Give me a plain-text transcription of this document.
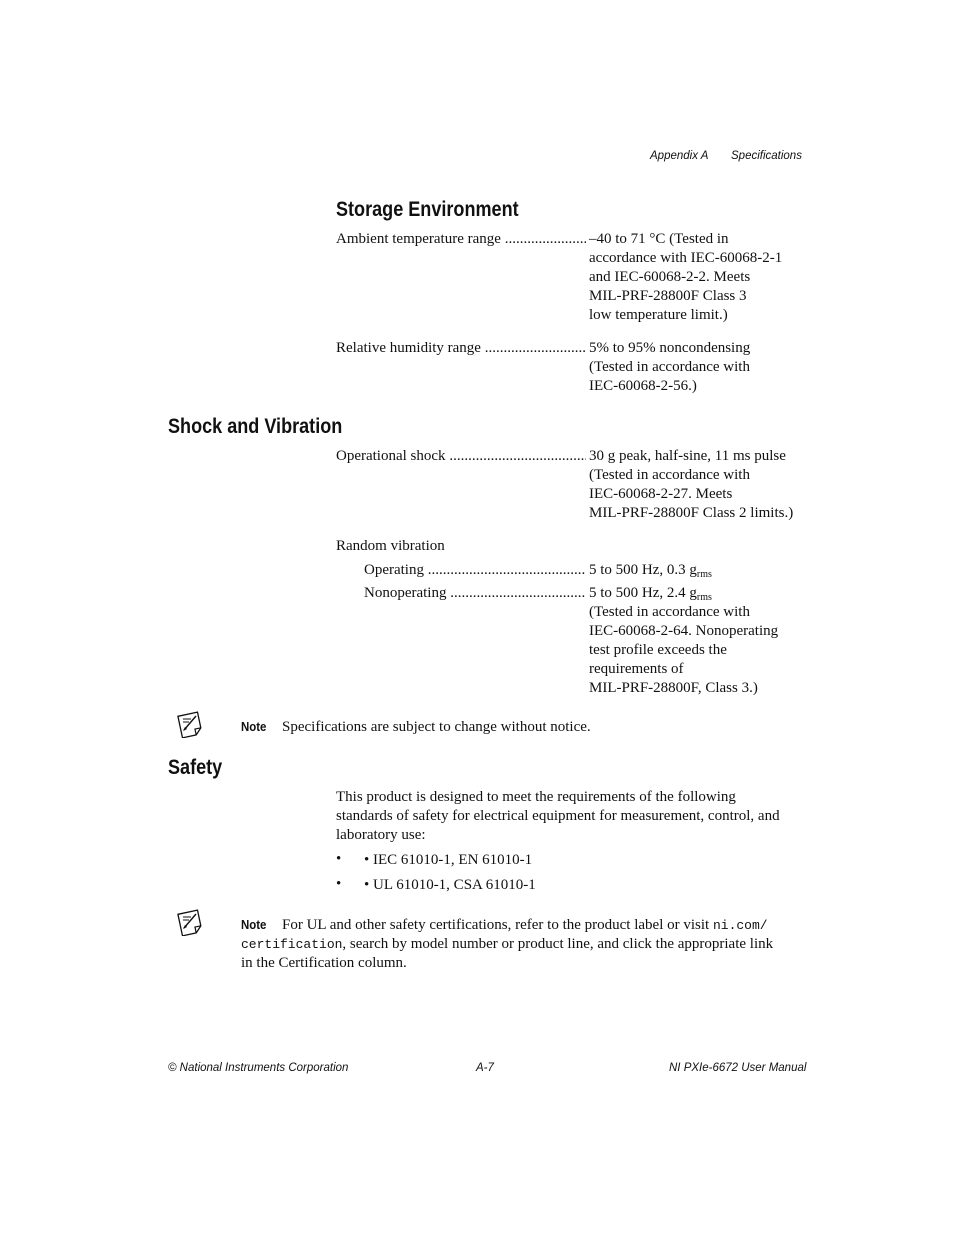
Appendix A Specifications
Storage Environment
Ambient temperature range .....	–40 to 71 °C (Tested in
accordance with IEC-60068-2-1
and IEC-60068-2-2. Meets
MIL-PRF-28800F Class 3
low temperature limit.)
Relative humidity range .....	5% to 95% noncondensing
(Tested in accordance with
IEC-60068-2-56.)
Shock and Vibration
Operational shock .....	30 g peak, half-sine, 11 ms pulse
(Tested in accordance with
IEC-60068-2-27. Meets
MIL-PRF-28800F Class 2 limits.)
Random vibration
Operating .....	5 to 500 Hz, 0.3 $g_{rms}$
Nonoperating .....	5 to 500 Hz, 2.4 $g_{rms}$
(Tested in accordance with
IEC-60068-2-64. Nonoperating
test profile exceeds the
requirements of
MIL-PRF-28800F, Class 3.)
Note Specifications are subject to change without notice.
Safety
This product is designed to meet the requirements of the following
standards of safety for electrical equipment for measurement, control, and
laboratory use:
• • IEC 61010-1, EN 61010-1
• • UL 61010-1, CSA 61010-1
Note For UL and other safety certifications, refer to the product label or visit ni.com/
certification, search by model number or product line, and click the appropriate link
in the Certification column.
© National Instruments Corporation	A-7	NI PXIe-6672 User Manual
